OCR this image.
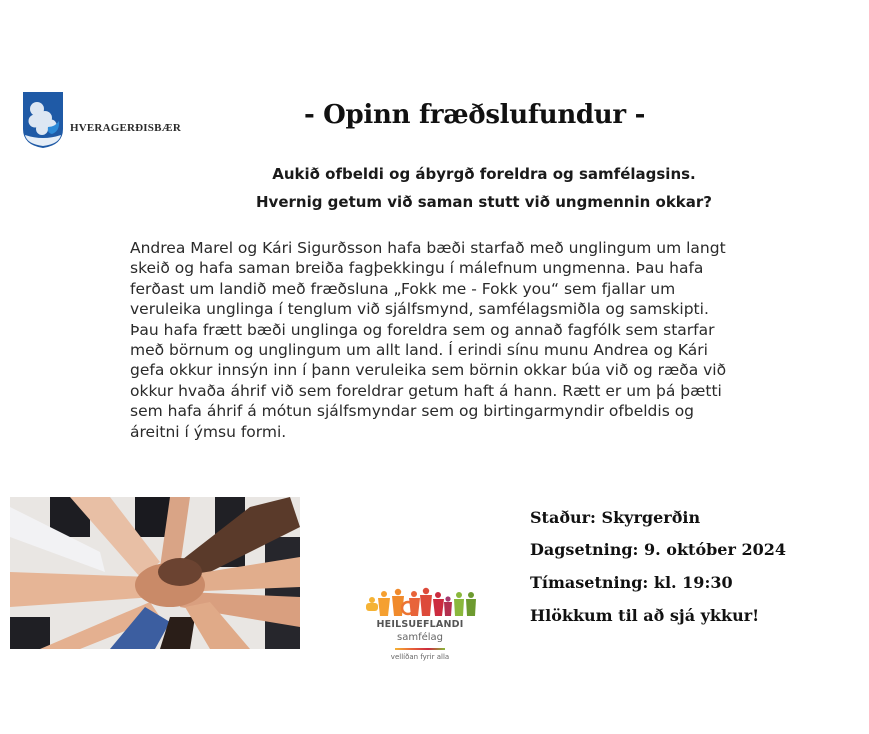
HVERAGERÐISBÆR	- Opinn fræðslufundur -
Aukið ofbeldi og ábyrgð foreldra og samfélagsins.
Hvernig getum við saman stutt við ungmennin okkar?

Andrea Marel og Kári Sigurðsson hafa bæði starfað með unglingum um langt
skeið og hafa saman breiða fagþekkingu í málefnum ungmenna. Þau hafa
ferðast um landið með fræðsluna „Fokk me - Fokk you“ sem fjallar um
veruleika unglinga í tenglum við sjálfsmynd, samfélagsmiðla og samskipti.
Þau hafa frætt bæði unglinga og foreldra sem og annað fagfólk sem starfar
með börnum og unglingum um allt land. Í erindi sínu munu Andrea og Kári
gefa okkur innsýn inn í þann veruleika sem börnin okkar búa við og ræða við
okkur hvaða áhrif við sem foreldrar getum haft á hann. Rætt er um þá þætti
sem hafa áhrif á mótun sjálfsmyndar sem og birtingarmyndir ofbeldis og
áreitni í ýmsu formi.

HEILSUEFLANDI
samfélag
vellíðan fyrir alla
Staður: Skyrgerðin
Dagsetning: 9. október 2024
Tímasetning: kl. 19:30
Hlökkum til að sjá ykkur!
